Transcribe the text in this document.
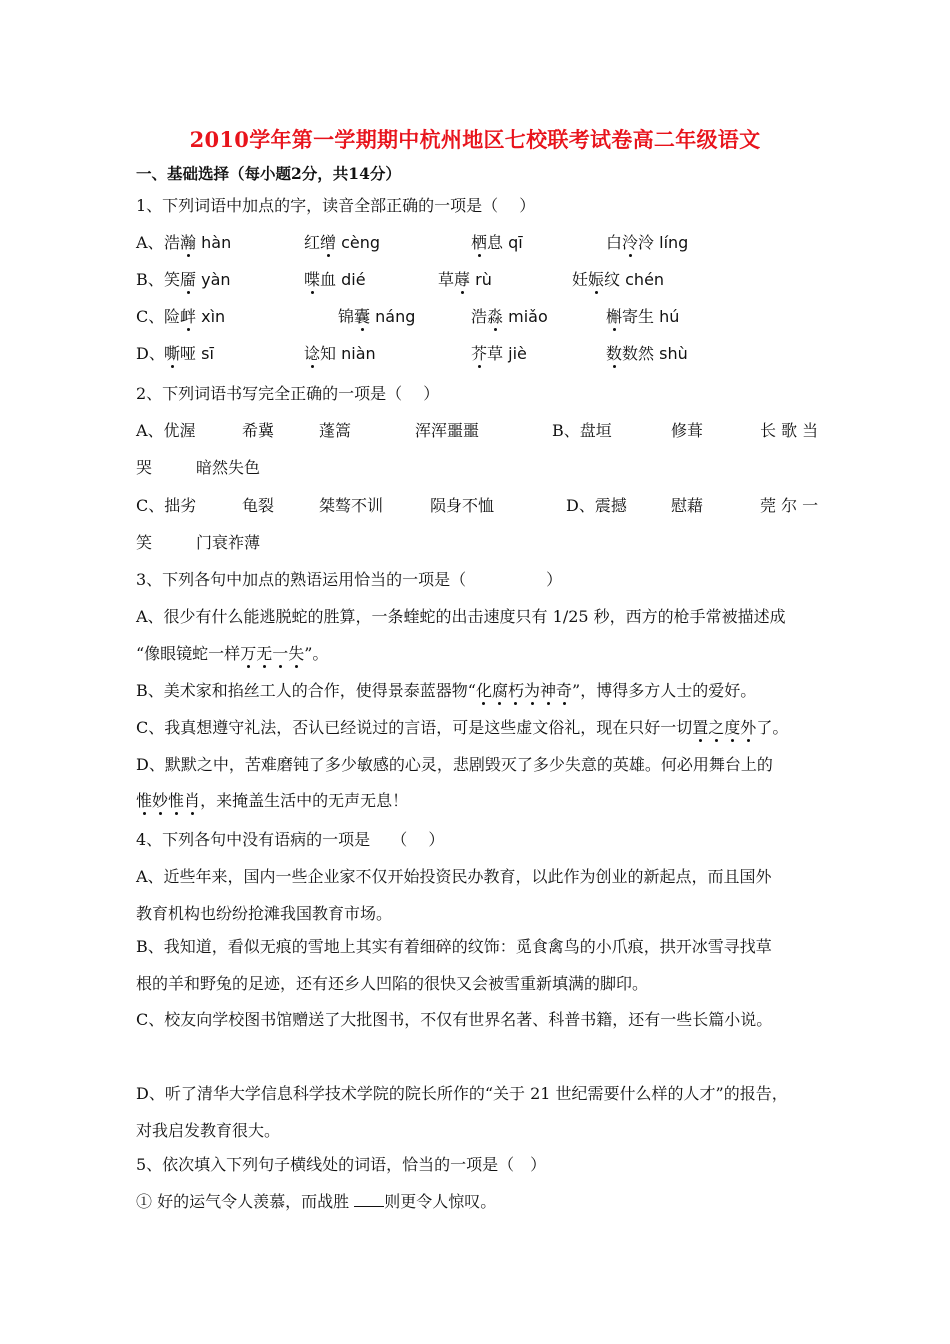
2010学年第一学期期中杭州地区七校联考试卷高二年级语文
一、基础选择（每小题2分，共14分）
1、下列词语中加点的字，读音全部正确的一项是（　 ）
A、 浩瀚 hàn	红缯 cèng	栖息 qī	白泠泠 líng
B、 笑靥 yàn	喋血 dié	草蓐 rù	妊娠纹 chén
C、 险衅 xìn	锦囊 náng	浩淼 miǎo	槲寄生 hú
D、 嘶哑 sī	谂知 niàn	芥草 jiè	数数然 shù
2、下列词语书写完全正确的一项是（　 ）
A、优渥	希冀	蓬篙	浑浑噩噩	B、盘垣	修葺	长 歌 当
哭	暗然失色
C、拙劣	龟裂	桀骜不训	陨身不恤	D、震撼	慰藉	莞 尔 一
笑	门衰祚薄
3、下列各句中加点的熟语运用恰当的一项是（　　　　　）
A、很少有什么能逃脱蛇的胜算，一条蝰蛇的出击速度只有 1/25 秒，西方的枪手常被描述成
“像眼镜蛇一样万无一失”。
B、美术家和掐丝工人的合作，使得景泰蓝器物“化腐朽为神奇”，博得多方人士的爱好。
C、我真想遵守礼法，否认已经说过的言语，可是这些虚文俗礼，现在只好一切置之度外了。
D、默默之中，苦难磨钝了多少敏感的心灵，悲剧毁灭了多少失意的英雄。何必用舞台上的
惟妙惟肖，来掩盖生活中的无声无息！
4、下列各句中没有语病的一项是　 （　 ）
A、近些年来，国内一些企业家不仅开始投资民办教育，以此作为创业的新起点，而且国外
教育机构也纷纷抢滩我国教育市场。
B、我知道，看似无痕的雪地上其实有着细碎的纹饰：觅食禽鸟的小爪痕，拱开冰雪寻找草
根的羊和野兔的足迹，还有还乡人凹陷的很快又会被雪重新填满的脚印。
C、校友向学校图书馆赠送了大批图书，不仅有世界名著、科普书籍，还有一些长篇小说。
D、听了清华大学信息科学技术学院的院长所作的“关于 21 世纪需要什么样的人才”的报告，
对我启发教育很大。
5、依次填入下列句子横线处的词语，恰当的一项是（　）
① 好的运气令人羡慕，而战胜 则更令人惊叹。
